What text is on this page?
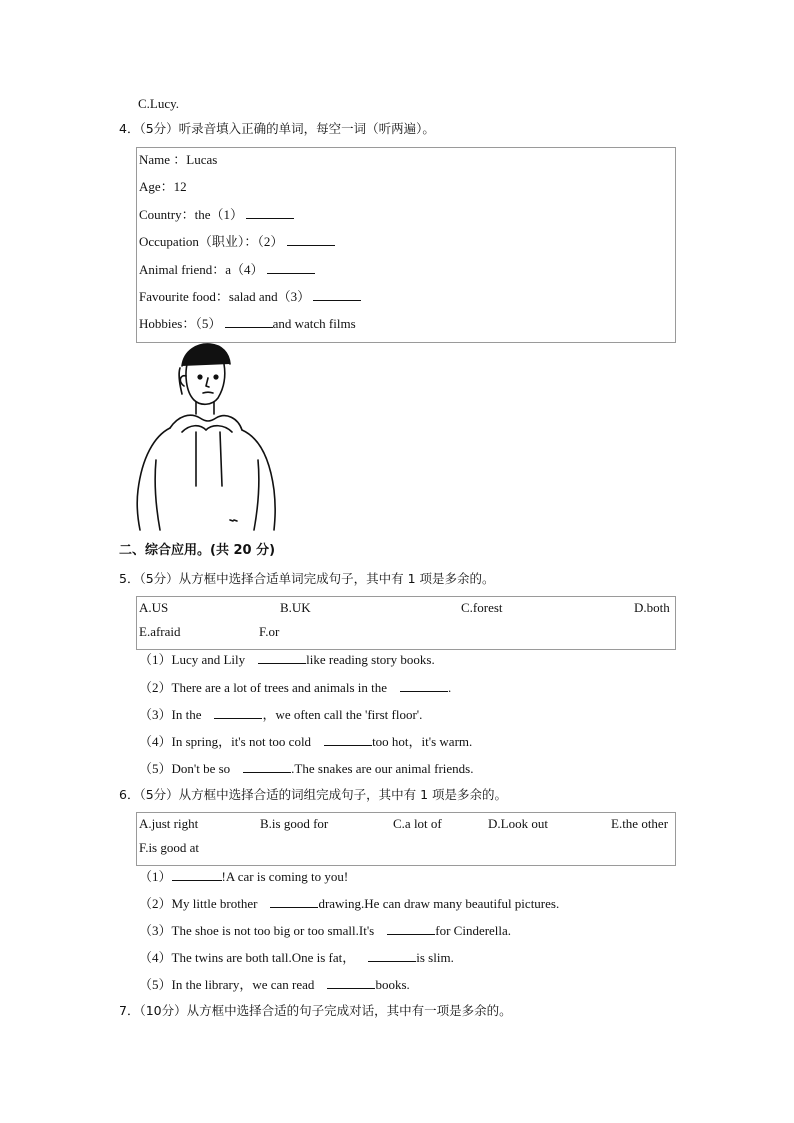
C.Lucy.
4．（5分）听录音填入正确的单词，每空一词（听两遍）。
Name ：Lucas
Age：12
Country：the（1）
Occupation（职业）：（2）
Animal friend：a（4）
Favourite food：salad and（3）
Hobbies：（5）	and watch films
二、综合应用。(共 20 分)
5．（5分）从方框中选择合适单词完成句子，其中有 1 项是多余的。
A.US	B.UK	C.forest	D.both
E.afraid	F.or
（1）Lucy and Lily	like reading story books.
（2）There are a lot of trees and animals in the	.
（3）In the	，we often call the 'first floor'.
（4）In spring，it's not too cold	too hot，it's warm.
（5）Don't be so	.The snakes are our animal friends.
6．（5分）从方框中选择合适的词组完成句子，其中有 1 项是多余的。
A.just right	B.is good for	C.a lot of	D.Look out	E.the other
F.is good at
（1）	!A car is coming to you!
（2）My little brother	drawing.He can draw many beautiful pictures.
（3）The shoe is not too big or too small.It's	for Cinderella.
（4）The twins are both tall.One is fat，	is slim.
（5）In the library，we can read	books.
7．（10分）从方框中选择合适的句子完成对话，其中有一项是多余的。
